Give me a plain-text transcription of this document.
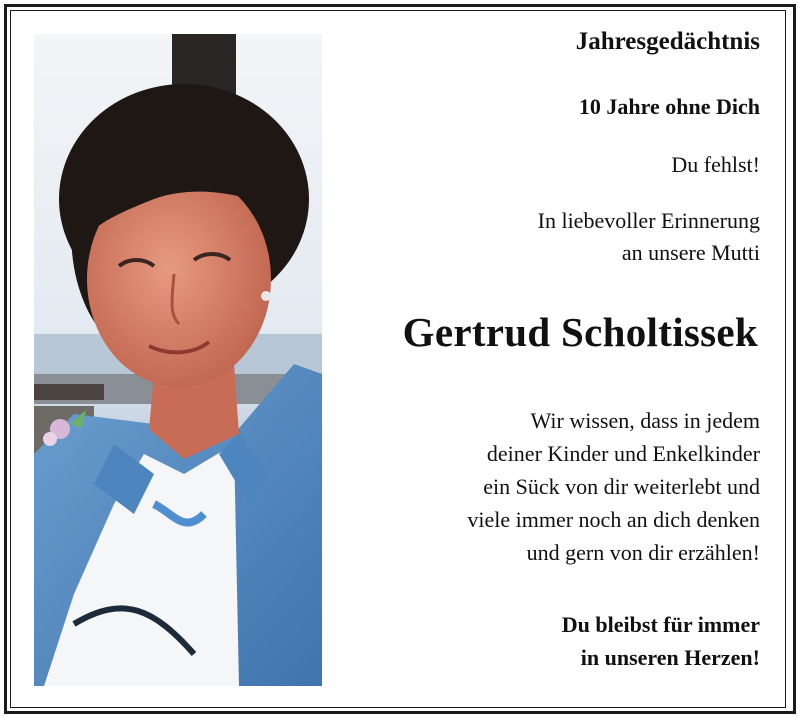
Jahresgedächtnis
10 Jahre ohne Dich
Du fehlst!
In liebevoller Erinnerung
an unsere Mutti
Gertrud Scholtissek
Wir wissen, dass in jedem
deiner Kinder und Enkelkinder
ein Sück von dir weiterlebt und
viele immer noch an dich denken
und gern von dir erzählen!
Du bleibst für immer
in unseren Herzen!
